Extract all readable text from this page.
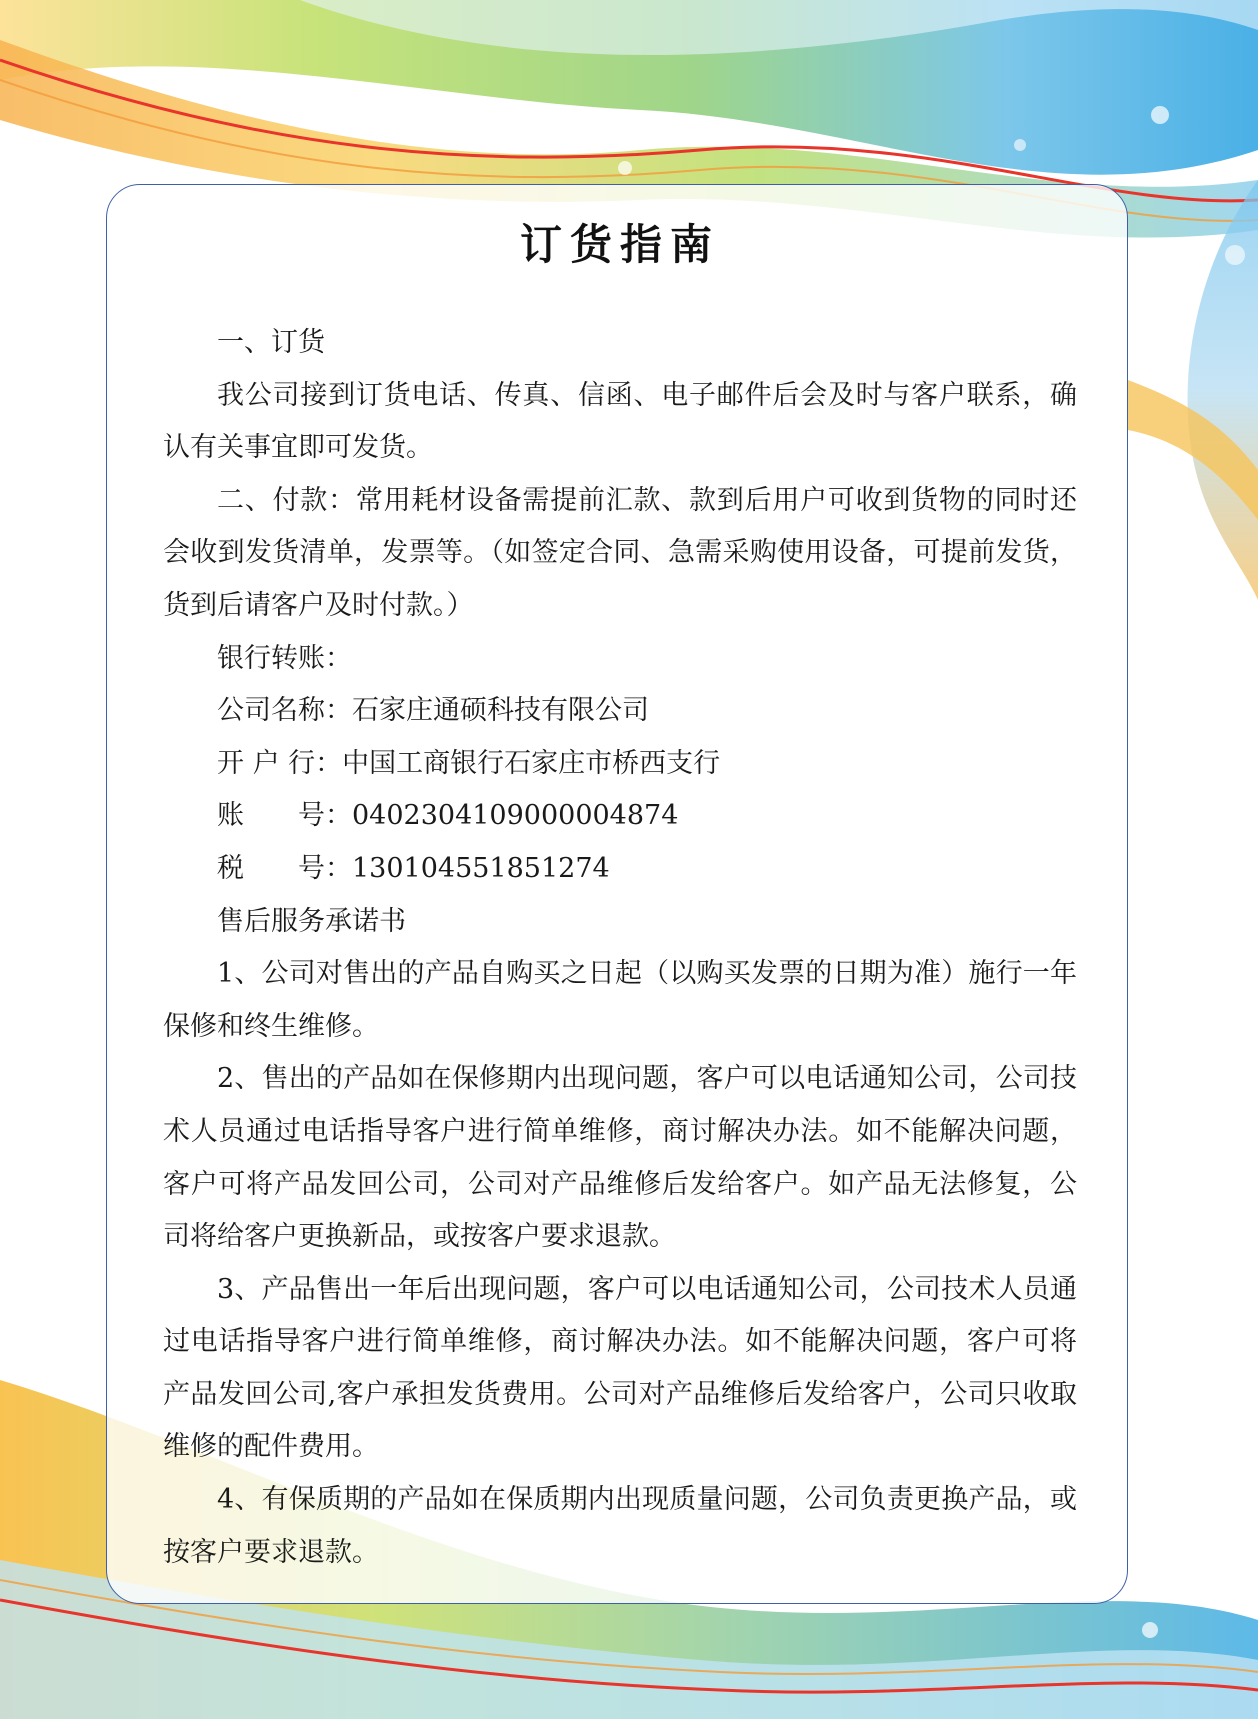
订货指南

一、订货

我公司接到订货电话、传真、信函、电子邮件后会及时与客户联系，确认有关事宜即可发货。

二、付款：常用耗材设备需提前汇款、款到后用户可收到货物的同时还会收到发货清单，发票等。（如签定合同、急需采购使用设备，可提前发货，货到后请客户及时付款。）

银行转账：

公司名称：石家庄通硕科技有限公司

开 户 行：中国工商银行石家庄市桥西支行

账　　号：0402304109000004874

税　　号：130104551851274

售后服务承诺书

1、公司对售出的产品自购买之日起（以购买发票的日期为准）施行一年保修和终生维修。

2、售出的产品如在保修期内出现问题，客户可以电话通知公司，公司技术人员通过电话指导客户进行简单维修，商讨解决办法。如不能解决问题，客户可将产品发回公司，公司对产品维修后发给客户。如产品无法修复，公司将给客户更换新品，或按客户要求退款。

3、产品售出一年后出现问题，客户可以电话通知公司，公司技术人员通过电话指导客户进行简单维修，商讨解决办法。如不能解决问题，客户可将产品发回公司,客户承担发货费用。公司对产品维修后发给客户，公司只收取维修的配件费用。

4、有保质期的产品如在保质期内出现质量问题，公司负责更换产品，或按客户要求退款。
